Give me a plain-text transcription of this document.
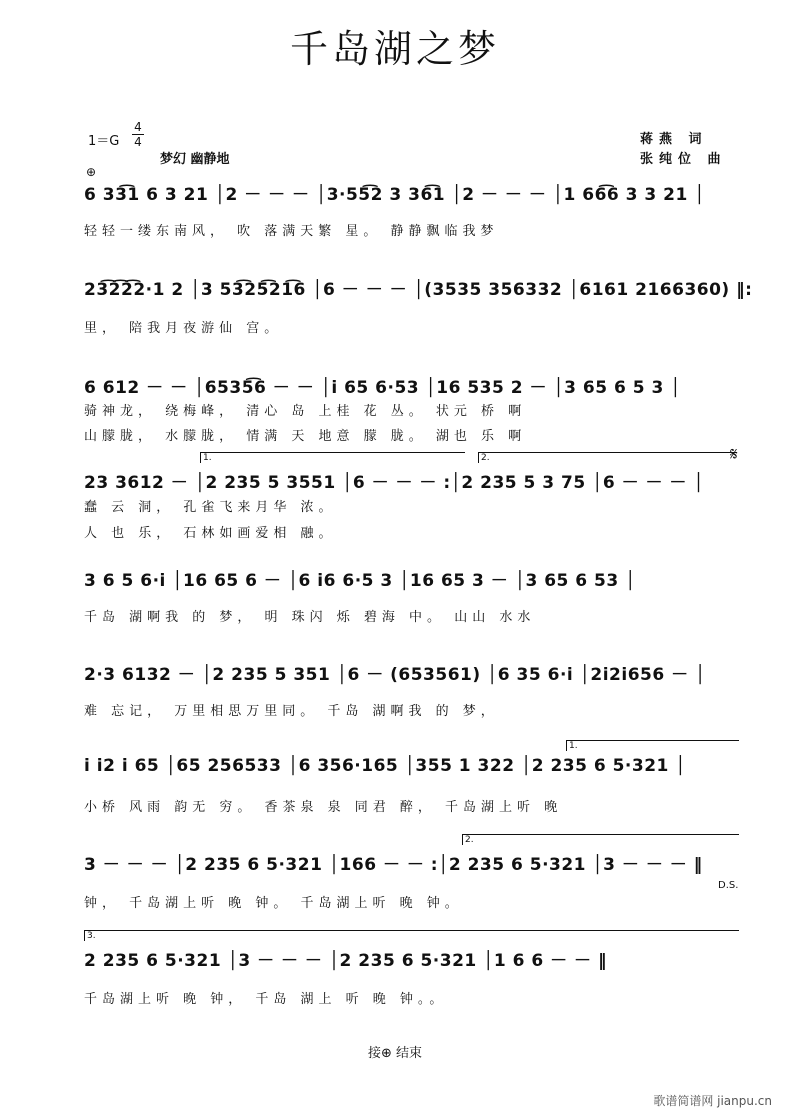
千岛湖之梦
1＝G
4
4
梦幻 幽静地
蒋燕 词
张纯位 曲
⊕
6 33͡1 6 3 21 │2 － － － │3·55͡2 3 36͡1 │2 － － － │1 66͡6 3 3 21 │
轻轻一缕东南风， 吹 落满天繁 星。 静静飘临我梦
23͡2͡2͡2·1 2 │3 53͡25͡21͡6 │6 － － － │(3535 356332 │6161 2166360) ‖:
里， 陪我月夜游仙 宫。
6 612 － － │6535͡6 － － │i 65 6·53 │16 535 2 － │3 65 6 5 3 │
骑神龙， 绕梅峰， 清心 岛 上桂 花 丛。 状元 桥 啊
山朦胧， 水朦胧， 情满 天 地意 朦 胧。 湖也 乐 啊
1.	2.	𝄋
23 3612 － │2 235 5 3551 │6 － － － :│2 235 5 3 75 │6 － － － │
蠢 云 洞， 孔雀飞来月华 浓。
人 也 乐， 石林如画爱相 融。
3 6 5 6·i │16 65 6 － │6 i6 6·5 3 │16 65 3 － │3 65 6 53 │
千岛 湖啊我 的 梦， 明 珠闪 烁 碧海 中。 山山 水水
2·3 6132 － │2 235 5 351 │6 － (653561) │6 35 6·i │2i2i656 － │
难 忘记， 万里相思万里同。 千岛 湖啊我 的 梦，
1.
i i2 i 65 │65 256533 │6 356·165 │355 1 322 │2 235 6 5·321 │
小桥 风雨 韵无 穷。 香茶泉 泉 同君 醉， 千岛湖上听 晚
2.
3 － － － │2 235 6 5·321 │166 － － :│2 235 6 5·321 │3 － － － ‖
D.S.
钟， 千岛湖上听 晚 钟。 千岛湖上听 晚 钟。
3.
2 235 6 5·321 │3 － － － │2 235 6 5·321 │1 6 6 － － ‖
千岛湖上听 晚 钟， 千岛 湖上 听 晚 钟。。
接⊕ 结束
歌谱简谱网 jianpu.cn
